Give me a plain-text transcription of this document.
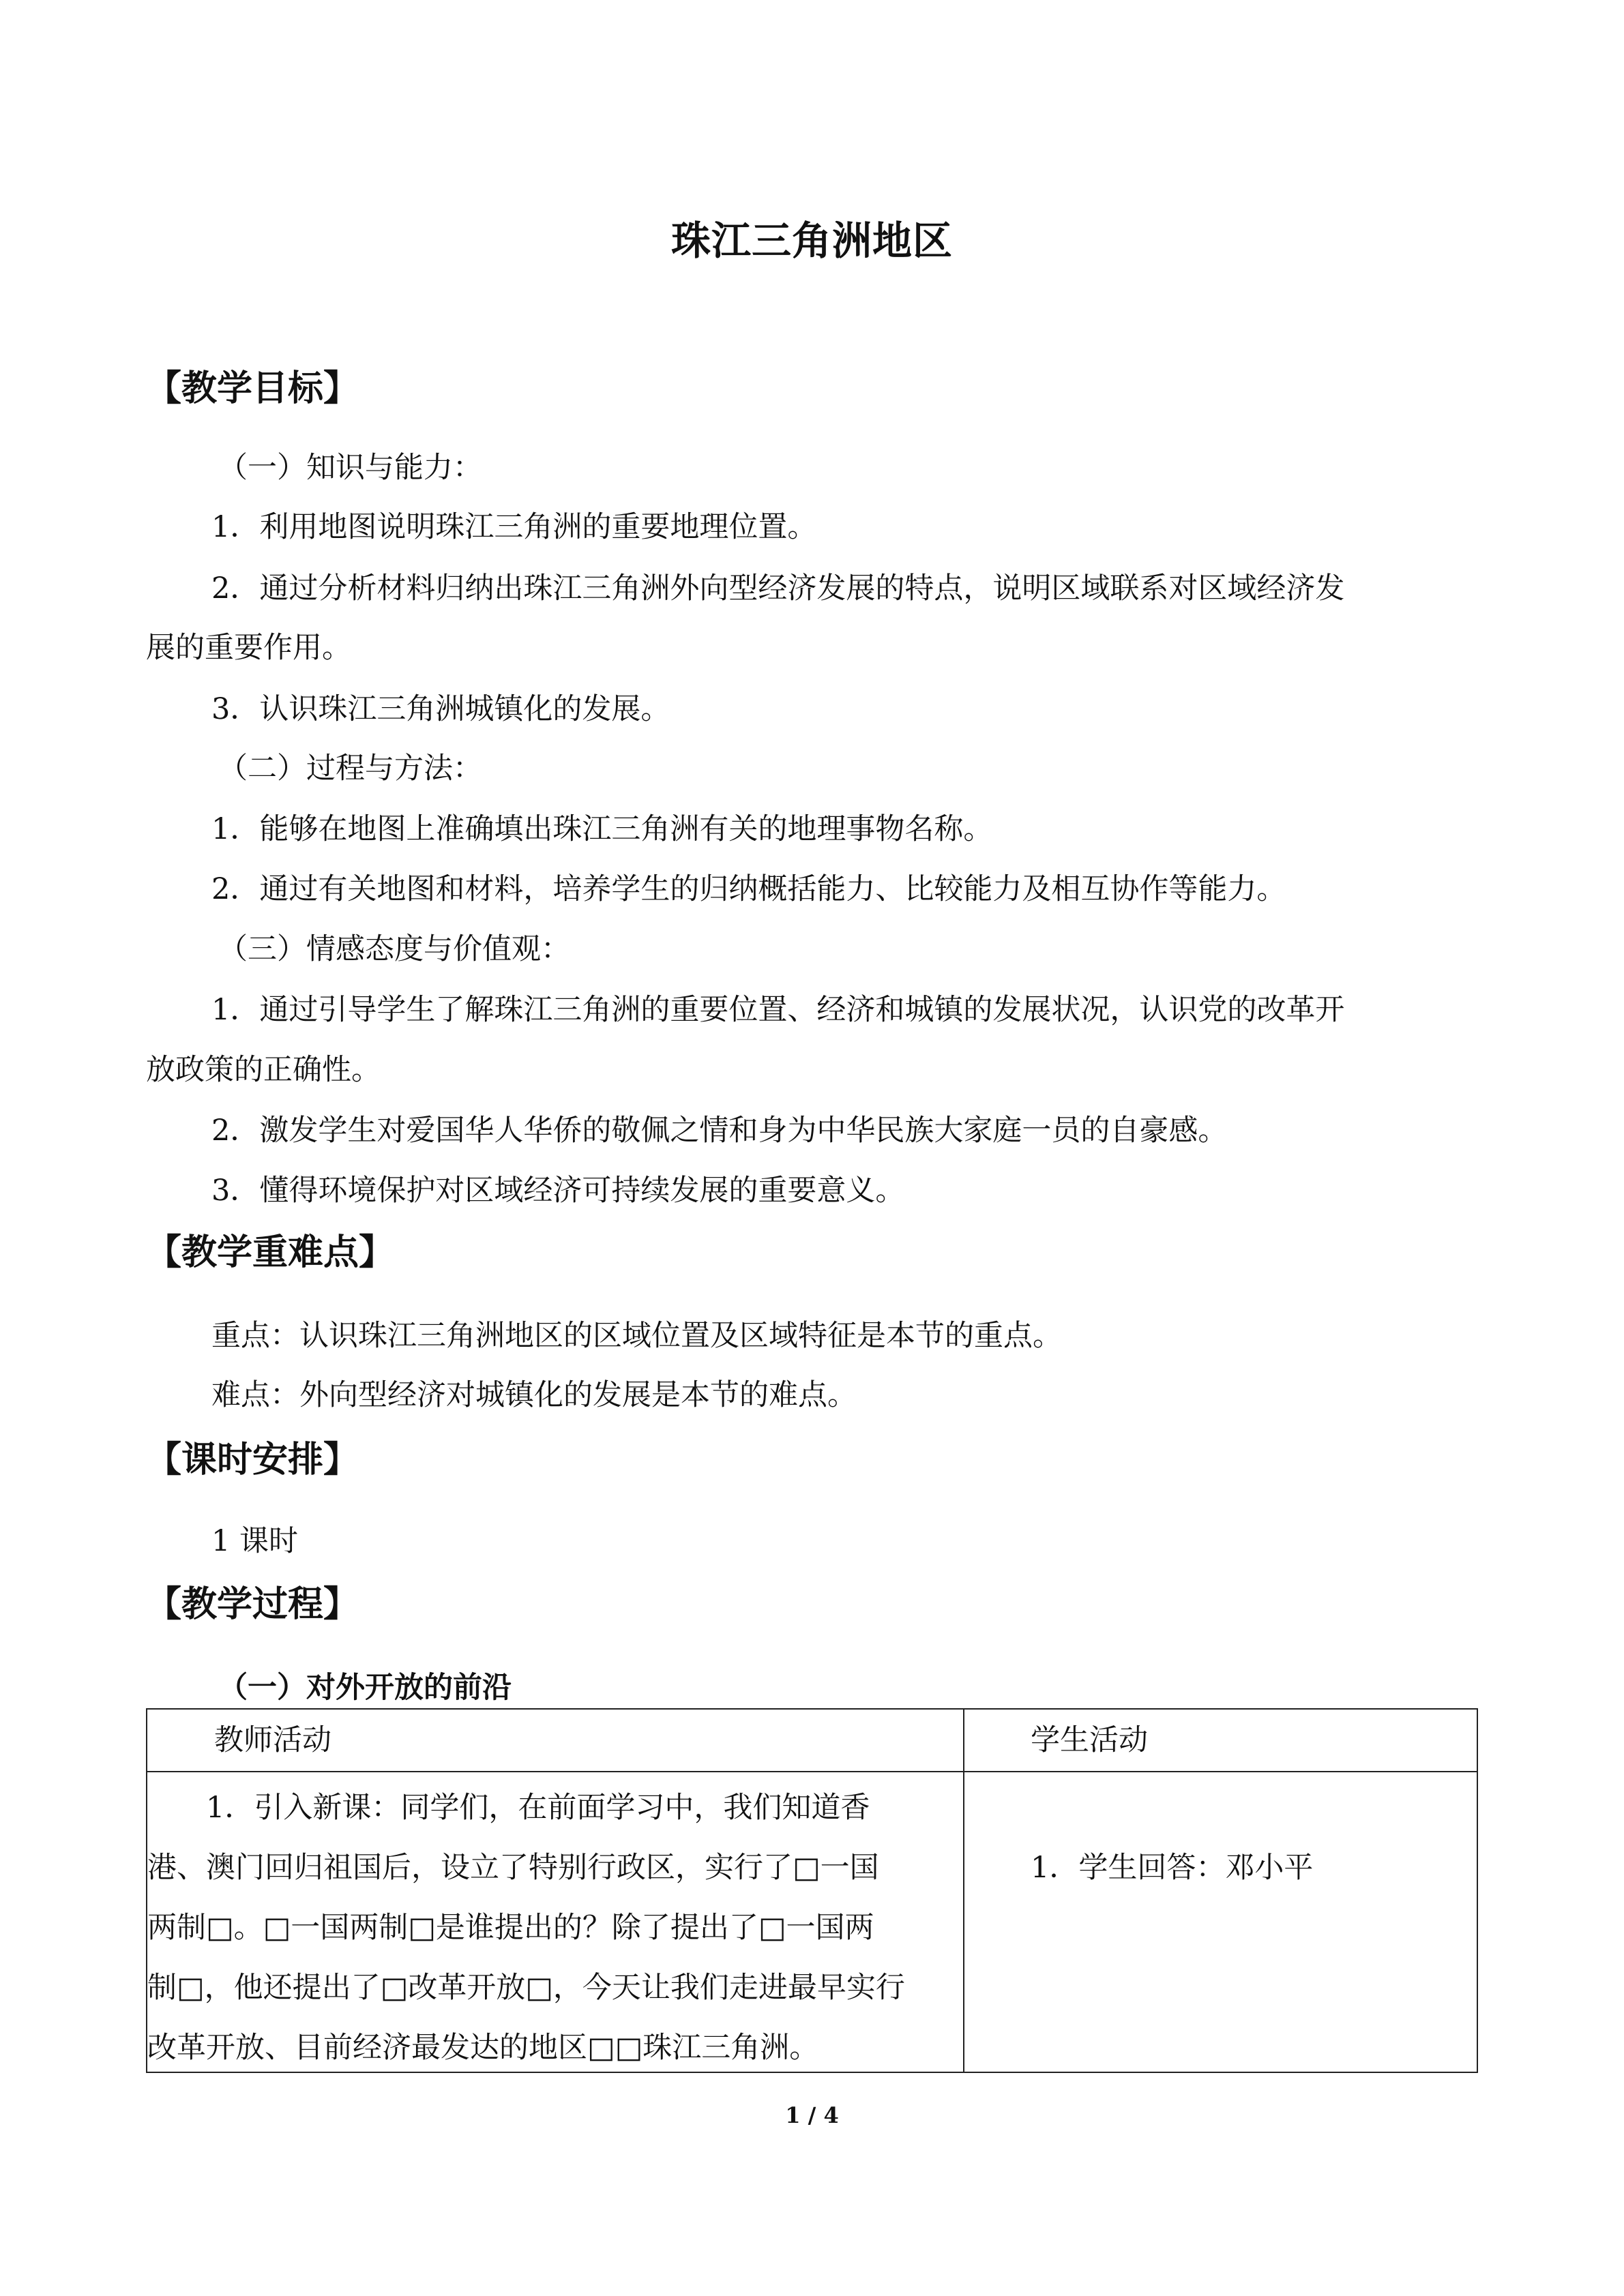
珠江三角洲地区
【教学目标】
（一）知识与能力：
1．利用地图说明珠江三角洲的重要地理位置。
2．通过分析材料归纳出珠江三角洲外向型经济发展的特点，说明区域联系对区域经济发
展的重要作用。
3．认识珠江三角洲城镇化的发展。
（二）过程与方法：
1．能够在地图上准确填出珠江三角洲有关的地理事物名称。
2．通过有关地图和材料，培养学生的归纳概括能力、比较能力及相互协作等能力。
（三）情感态度与价值观：
1．通过引导学生了解珠江三角洲的重要位置、经济和城镇的发展状况，认识党的改革开
放政策的正确性。
2．激发学生对爱国华人华侨的敬佩之情和身为中华民族大家庭一员的自豪感。
3．懂得环境保护对区域经济可持续发展的重要意义。
【教学重难点】
重点：认识珠江三角洲地区的区域位置及区域特征是本节的重点。
难点：外向型经济对城镇化的发展是本节的难点。
【课时安排】
1 课时
【教学过程】
（一）对外开放的前沿
教师活动	学生活动
　　1．引入新课：同学们，在前面学习中，我们知道香
港、澳门回归祖国后，设立了特别行政区，实行了□一国
两制□。□一国两制□是谁提出的？除了提出了□一国两
制□，他还提出了□改革开放□，今天让我们走进最早实行
改革开放、目前经济最发达的地区□□珠江三角洲。
1．学生回答：邓小平
1 / 4
